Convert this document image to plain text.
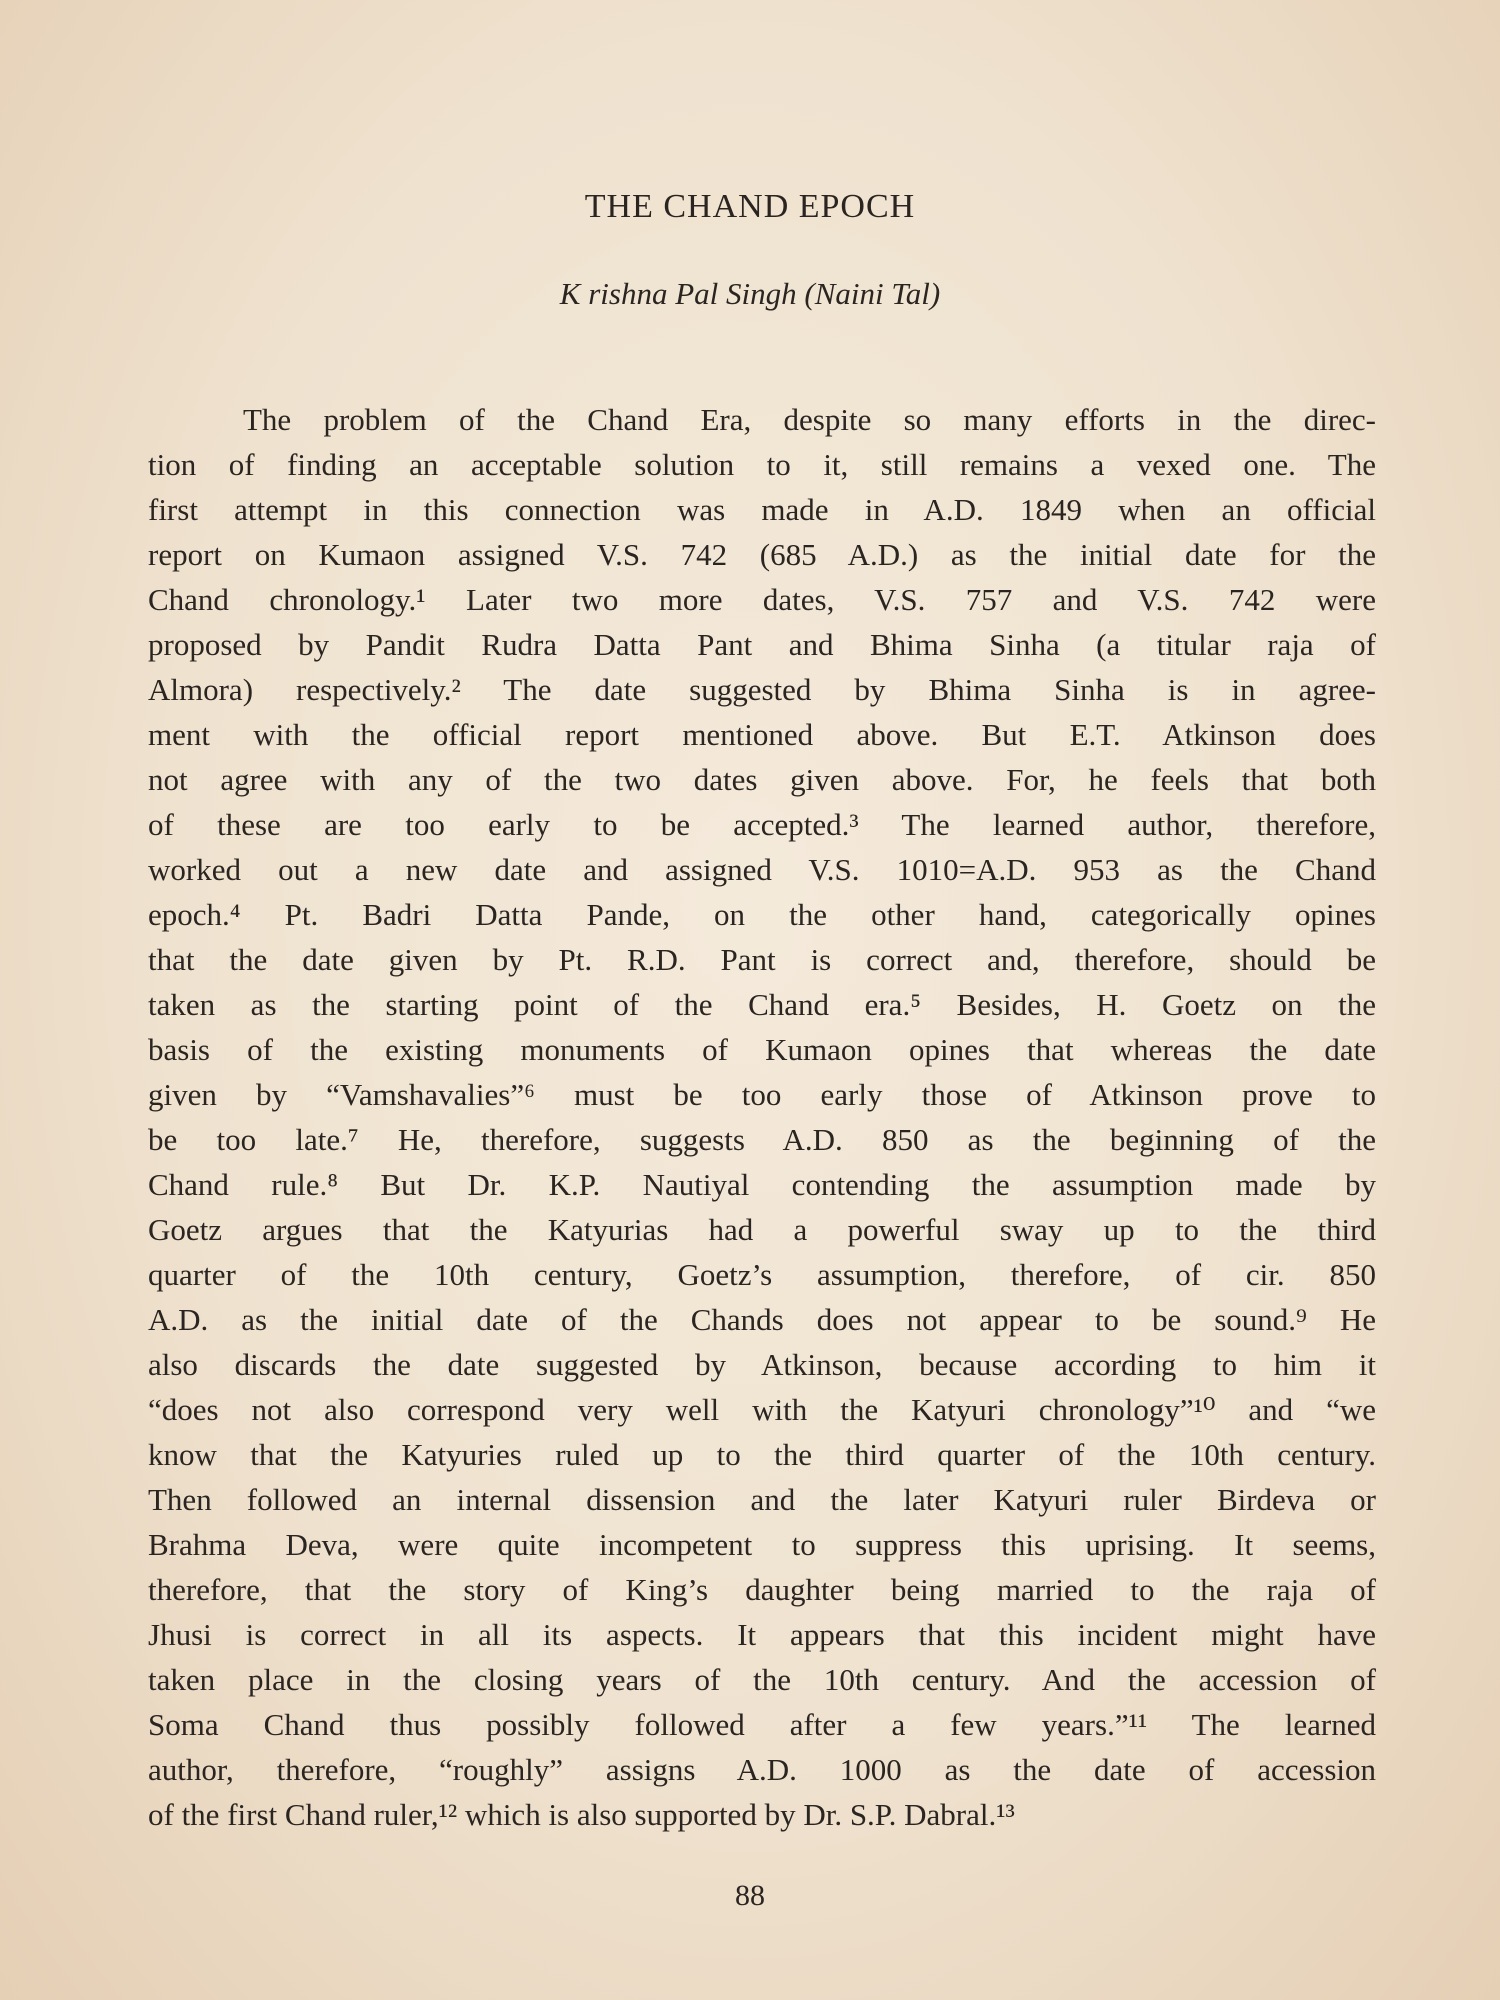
THE CHAND EPOCH

K rishna Pal Singh (Naini Tal)

The problem of the Chand Era, despite so many efforts in the direc-
tion of finding an acceptable solution to it, still remains a vexed one. The
first attempt in this connection was made in A.D. 1849 when an official
report on Kumaon assigned V.S. 742 (685 A.D.) as the initial date for the
Chand chronology.¹ Later two more dates, V.S. 757 and V.S. 742 were
proposed by Pandit Rudra Datta Pant and Bhima Sinha (a titular raja of
Almora) respectively.² The date suggested by Bhima Sinha is in agree-
ment with the official report mentioned above. But E.T. Atkinson does
not agree with any of the two dates given above. For, he feels that both
of these are too early to be accepted.³ The learned author, therefore,
worked out a new date and assigned V.S. 1010=A.D. 953 as the Chand
epoch.⁴ Pt. Badri Datta Pande, on the other hand, categorically opines
that the date given by Pt. R.D. Pant is correct and, therefore, should be
taken as the starting point of the Chand era.⁵ Besides, H. Goetz on the
basis of the existing monuments of Kumaon opines that whereas the date
given by “Vamshavalies”⁶ must be too early those of Atkinson prove to
be too late.⁷ He, therefore, suggests A.D. 850 as the beginning of the
Chand rule.⁸ But Dr. K.P. Nautiyal contending the assumption made by
Goetz argues that the Katyurias had a powerful sway up to the third
quarter of the 10th century, Goetz’s assumption, therefore, of cir. 850
A.D. as the initial date of the Chands does not appear to be sound.⁹ He
also discards the date suggested by Atkinson, because according to him it
“does not also correspond very well with the Katyuri chronology”¹⁰ and “we
know that the Katyuries ruled up to the third quarter of the 10th century.
Then followed an internal dissension and the later Katyuri ruler Birdeva or
Brahma Deva, were quite incompetent to suppress this uprising. It seems,
therefore, that the story of King’s daughter being married to the raja of
Jhusi is correct in all its aspects. It appears that this incident might have
taken place in the closing years of the 10th century. And the accession of
Soma Chand thus possibly followed after a few years.”¹¹ The learned
author, therefore, “roughly” assigns A.D. 1000 as the date of accession
of the first Chand ruler,¹² which is also supported by Dr. S.P. Dabral.¹³

88
